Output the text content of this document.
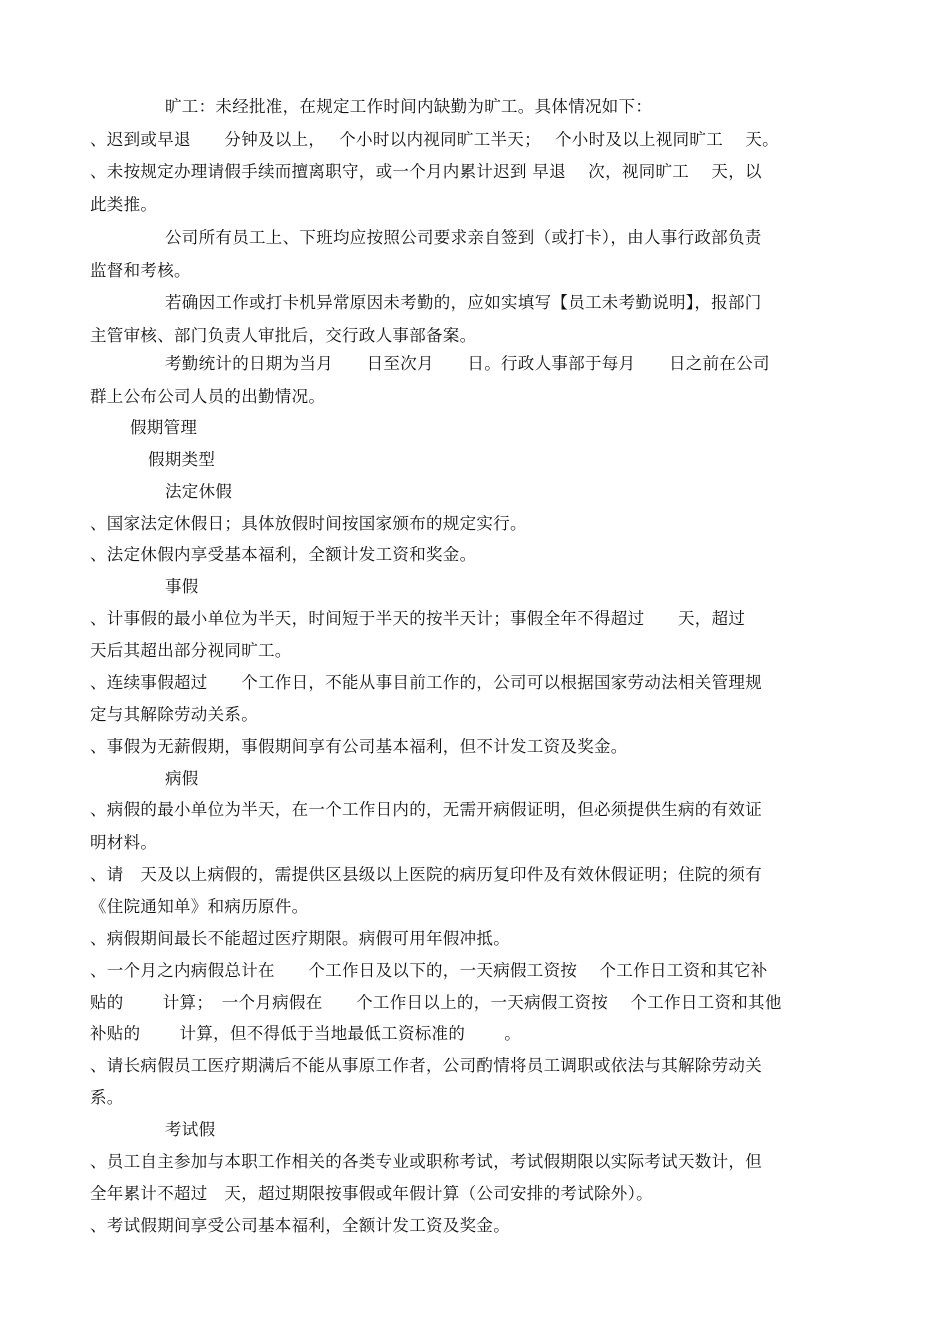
旷工：未经批准，在规定工作时间内缺勤为旷工。具体情况如下：
、迟到或早退　　分钟及以上，　 个小时以内视同旷工半天；　 个小时及以上视同旷工　 天。
、未按规定办理请假手续而擅离职守，或一个月内累计迟到 早退　 次，视同旷工　 天，以
此类推。
公司所有员工上、下班均应按照公司要求亲自签到（或打卡），由人事行政部负责
监督和考核。
若确因工作或打卡机异常原因未考勤的，应如实填写【员工未考勤说明】，报部门
主管审核、部门负责人审批后，交行政人事部备案。
考勤统计的日期为当月　　日至次月　　日。行政人事部于每月　　日之前在公司
群上公布公司人员的出勤情况。
假期管理
假期类型
法定休假
、国家法定休假日；具体放假时间按国家颁布的规定实行。
、法定休假内享受基本福利，全额计发工资和奖金。
事假
、计事假的最小单位为半天，时间短于半天的按半天计；事假全年不得超过　　天，超过
天后其超出部分视同旷工。
、连续事假超过　　个工作日，不能从事目前工作的，公司可以根据国家劳动法相关管理规
定与其解除劳动关系。
、事假为无薪假期，事假期间享有公司基本福利，但不计发工资及奖金。
病假
、病假的最小单位为半天，在一个工作日内的，无需开病假证明，但必须提供生病的有效证
明材料。
、请　天及以上病假的，需提供区县级以上医院的病历复印件及有效休假证明；住院的须有
《住院通知单》和病历原件。
、病假期间最长不能超过医疗期限。病假可用年假冲抵。
、一个月之内病假总计在　　个工作日及以下的，一天病假工资按　 个工作日工资和其它补
贴的　　 计算；　一个月病假在　　个工作日以上的，一天病假工资按　 个工作日工资和其他
补贴的　　 计算，但不得低于当地最低工资标准的　　 。
、请长病假员工医疗期满后不能从事原工作者，公司酌情将员工调职或依法与其解除劳动关
系。
考试假
、员工自主参加与本职工作相关的各类专业或职称考试，考试假期限以实际考试天数计，但
全年累计不超过　天，超过期限按事假或年假计算（公司安排的考试除外）。
、考试假期间享受公司基本福利，全额计发工资及奖金。
